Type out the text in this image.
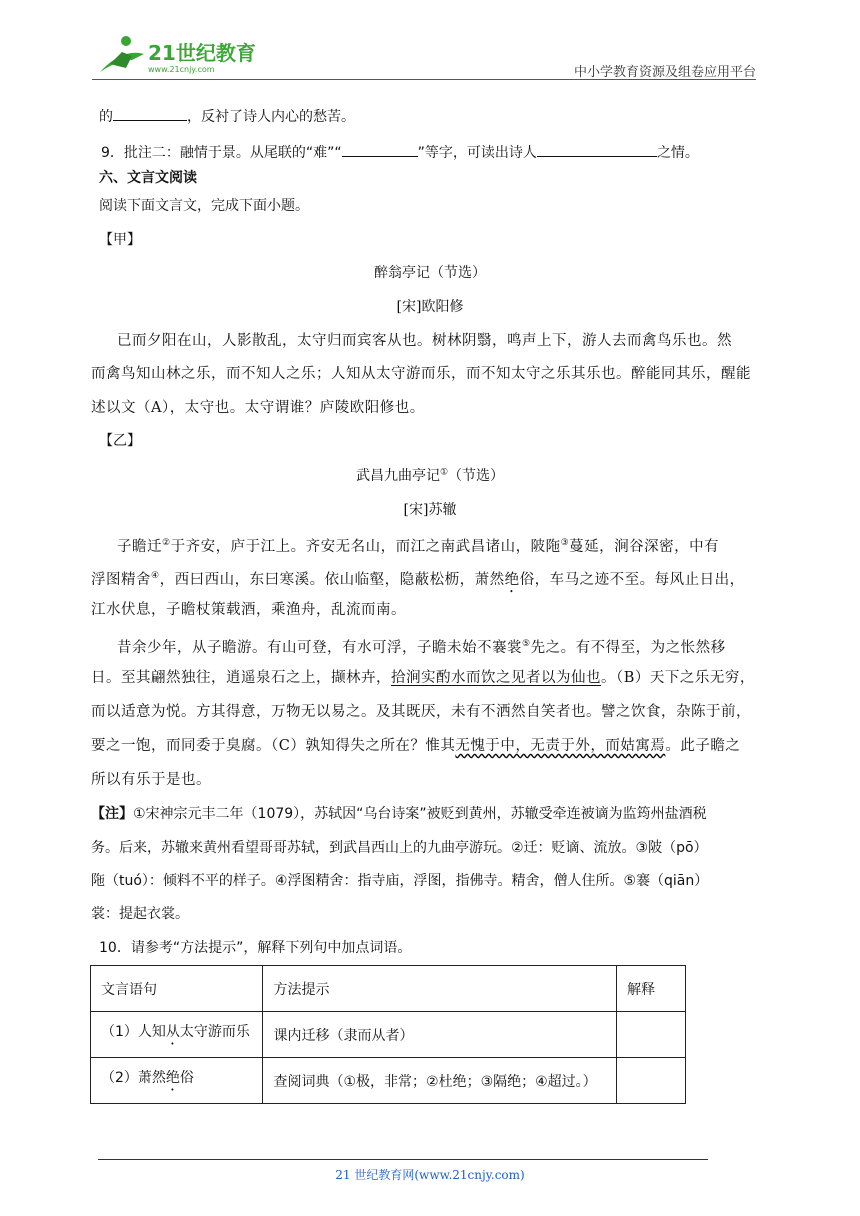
21世纪教育
www.21cnjy.com	中小学教育资源及组卷应用平台
的	，反衬了诗人内心的愁苦。
9．批注二：融情于景。从尾联的“难”“	”等字，可读出诗人	之情。
六、文言文阅读
阅读下面文言文，完成下面小题。
【甲】
醉翁亭记（节选）
[宋]欧阳修
已而夕阳在山，人影散乱，太守归而宾客从也。树林阴翳，鸣声上下，游人去而禽鸟乐也。然
而禽鸟知山林之乐，而不知人之乐；人知从太守游而乐，而不知太守之乐其乐也。醉能同其乐，醒能
述以文（A），太守也。太守谓谁？庐陵欧阳修也。
【乙】
武昌九曲亭记①（节选）
[宋]苏辙
子瞻迁②于齐安，庐于江上。齐安无名山，而江之南武昌诸山，陂陁③蔓延，涧谷深密，中有
浮图精舍④，西曰西山，东曰寒溪。依山临壑，隐蔽松枥，萧然绝俗，车马之迹不至。每风止日出，
江水伏息，子瞻杖策载酒，乘渔舟，乱流而南。
昔余少年，从子瞻游。有山可登，有水可浮，子瞻未始不褰裳⑤先之。有不得至，为之怅然移
日。至其翩然独往，逍遥泉石之上，撷林卉，拾涧实酌水而饮之见者以为仙也。（B）天下之乐无穷，
而以适意为悦。方其得意，万物无以易之。及其既厌，未有不洒然自笑者也。譬之饮食，杂陈于前，
要之一饱，而同委于臭腐。（C）孰知得失之所在？惟其无愧于中，无责于外，而姑寓焉。此子瞻之
所以有乐于是也。
【注】①宋神宗元丰二年（1079），苏轼因“乌台诗案”被贬到黄州，苏辙受牵连被谪为监筠州盐酒税
务。后来，苏辙来黄州看望哥哥苏轼，到武昌西山上的九曲亭游玩。②迁：贬谪、流放。③陂（pō）
陁（tuó）：倾料不平的样子。④浮图精舍：指寺庙，浮图，指佛寺。精舍，僧人住所。⑤褰（qiān）
裳：提起衣裳。
10．请参考“方法提示”，解释下列句中加点词语。
文言语句	方法提示	解释
（1）人知从太守游而乐	课内迁移（隶而从者）	
（2）萧然绝俗	查阅词典（①极，非常；②杜绝；③隔绝；④超过。）	
21 世纪教育网(www.21cnjy.com)
